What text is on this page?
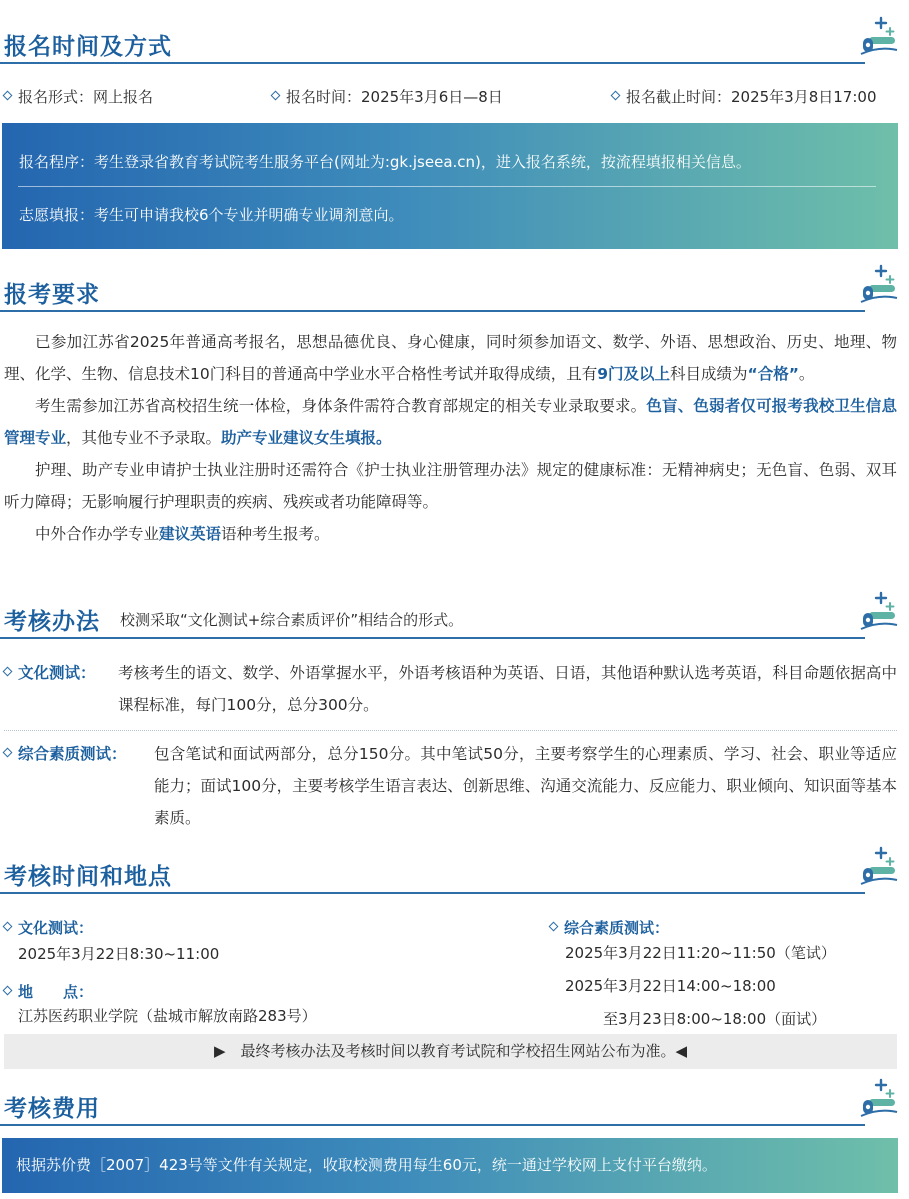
报名时间及方式
报名形式：网上报名	报名时间：2025年3月6日—8日	报名截止时间：2025年3月8日17:00

报名程序：考生登录省教育考试院考生服务平台(网址为:gk.jseea.cn)，进入报名系统，按流程填报相关信息。

志愿填报：考生可申请我校6个专业并明确专业调剂意向。

报考要求

已参加江苏省2025年普通高考报名，思想品德优良、身心健康，同时须参加语文、数学、外语、思想政治、历史、地理、物理、化学、生物、信息技术10门科目的普通高中学业水平合格性考试并取得成绩，且有9门及以上科目成绩为“合格”。

考生需参加江苏省高校招生统一体检，身体条件需符合教育部规定的相关专业录取要求。色盲、色弱者仅可报考我校卫生信息管理专业，其他专业不予录取。助产专业建议女生填报。

护理、助产专业申请护士执业注册时还需符合《护士执业注册管理办法》规定的健康标准：无精神病史；无色盲、色弱、双耳听力障碍；无影响履行护理职责的疾病、残疾或者功能障碍等。

中外合作办学专业建议英语语种考生报考。

考核办法 校测采取“文化测试+综合素质评价”相结合的形式。
文化测试： 考核考生的语文、数学、外语掌握水平，外语考核语种为英语、日语，其他语种默认选考英语，科目命题依据高中课程标准，每门100分，总分300分。
综合素质测试： 包含笔试和面试两部分，总分150分。其中笔试50分，主要考察学生的心理素质、学习、社会、职业等适应能力；面试100分，主要考核学生语言表达、创新思维、沟通交流能力、反应能力、职业倾向、知识面等基本素质。
考核时间和地点
文化测试：
2025年3月22日8:30~11:00
地　　点：
江苏医药职业学院（盐城市解放南路283号）
综合素质测试：
2025年3月22日11:20~11:50（笔试）
2025年3月22日14:00~18:00
至3月23日8:00~18:00（面试）
▶　最终考核办法及考核时间以教育考试院和学校招生网站公布为准。◀
考核费用
根据苏价费［2007］423号等文件有关规定，收取校测费用每生60元，统一通过学校网上支付平台缴纳。
